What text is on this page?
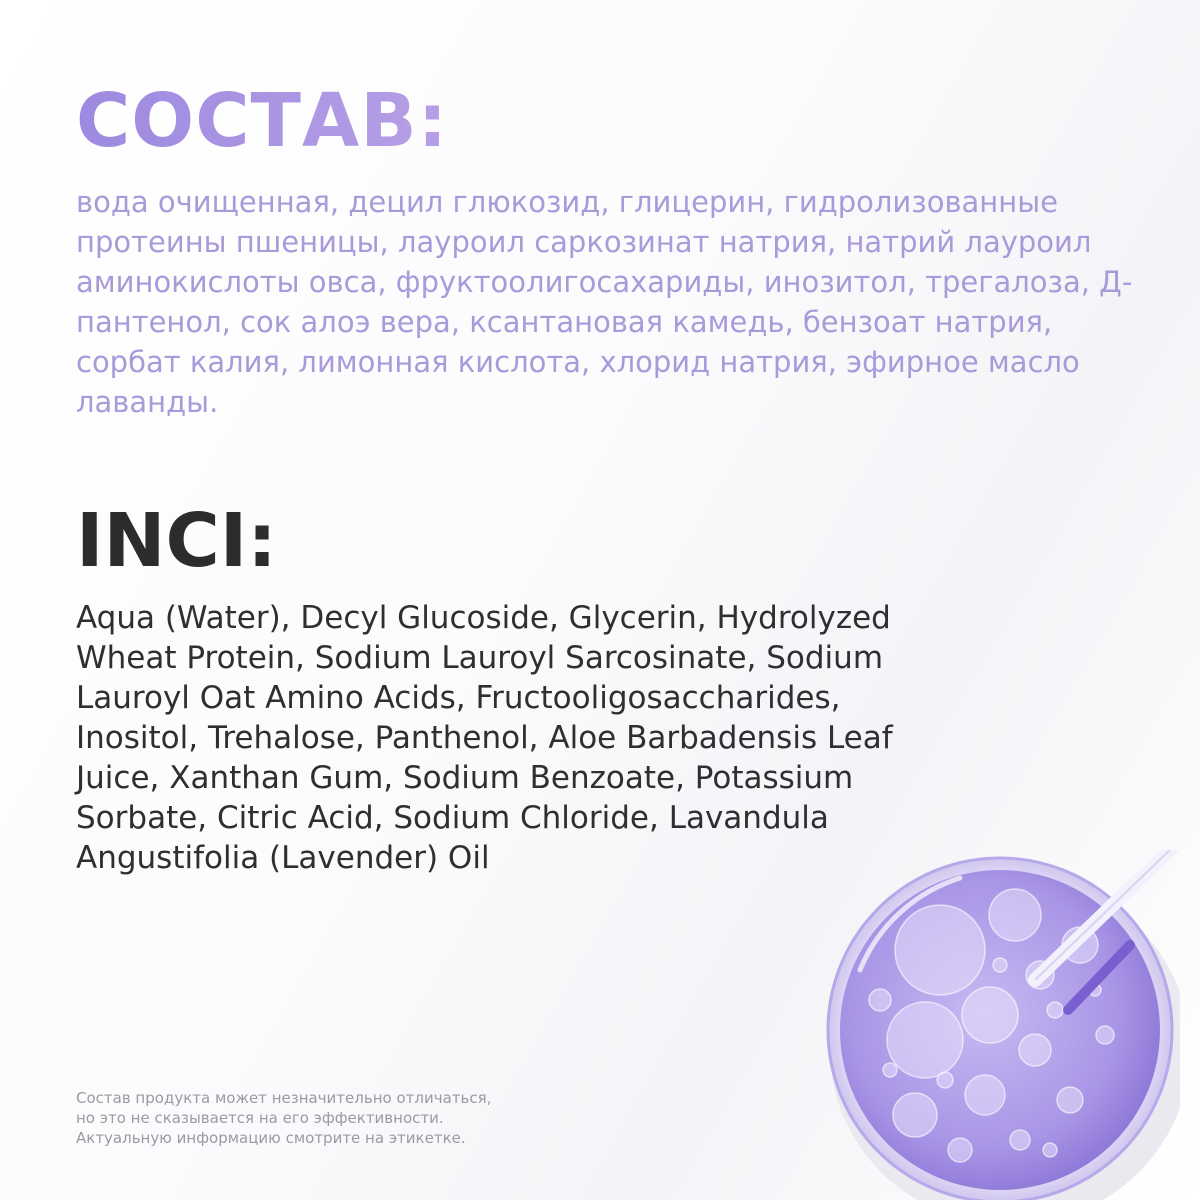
СОСТАВ:

вода очищенная, децил глюкозид, глицерин, гидролизованные протеины пшеницы, лауроил саркозинат натрия, натрий лауроил аминокислоты овса, фруктоолигосахариды, инозитол, трегалоза, Д-пантенол, сок алоэ вера, ксантановая камедь, бензоат натрия, сорбат калия, лимонная кислота, хлорид натрия, эфирное масло лаванды.

INCI:

Aqua (Water), Decyl Glucoside, Glycerin, Hydrolyzed Wheat Protein, Sodium Lauroyl Sarcosinate, Sodium Lauroyl Oat Amino Acids, Fructooligosaccharides, Inositol, Trehalose, Panthenol, Aloe Barbadensis Leaf Juice, Xanthan Gum, Sodium Benzoate, Potassium Sorbate, Citric Acid, Sodium Chloride, Lavandula Angustifolia (Lavender) Oil

Состав продукта может незначительно отличаться,
но это не сказывается на его эффективности.
Актуальную информацию смотрите на этикетке.
